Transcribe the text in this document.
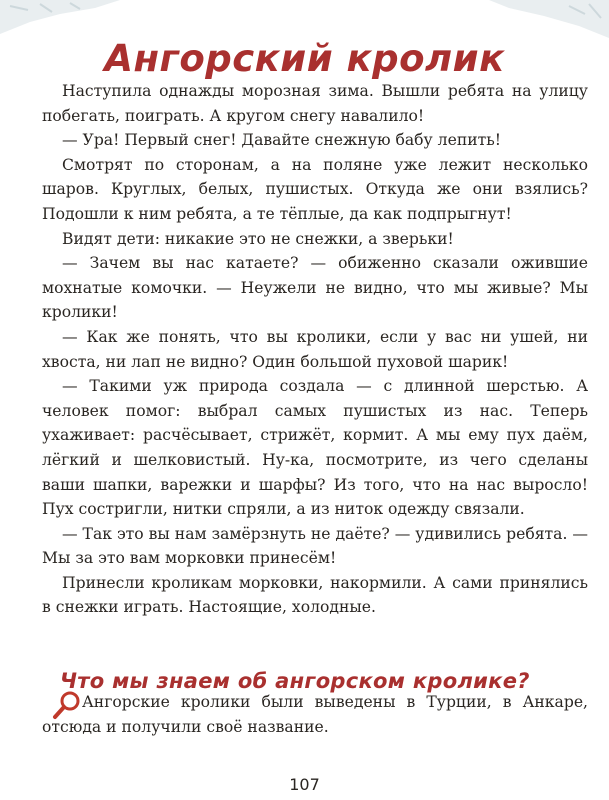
Ангорский кролик

Наступила однажды морозная зима. Вышли ребята на улицу побегать, поиграть. А кругом снегу навалило!

— Ура! Первый снег! Давайте снежную бабу лепить!

Смотрят по сторонам, а на поляне уже лежит несколько шаров. Круглых, белых, пушистых. Откуда же они взялись? Подошли к ним ребята, а те тёплые, да как подпрыгнут!

Видят дети: никакие это не снежки, а зверьки!

— Зачем вы нас катаете? — обиженно сказали ожившие мохнатые комочки. — Неужели не видно, что мы живые? Мы кролики!

— Как же понять, что вы кролики, если у вас ни ушей, ни хвоста, ни лап не видно? Один большой пуховой шарик!

— Такими уж природа создала — с длинной шерстью. А человек помог: выбрал самых пушистых из нас. Теперь ухаживает: расчёсывает, стрижёт, кормит. А мы ему пух даём, лёгкий и шелковистый. Ну-ка, посмотрите, из чего сделаны ваши шапки, варежки и шарфы? Из того, что на нас выросло! Пух состригли, нитки спряли, а из ниток одежду связали.

— Так это вы нам замёрзнуть не даёте? — удивились ребята. — Мы за это вам морковки принесём!

Принесли кроликам морковки, накормили. А сами принялись в снежки играть. Настоящие, холодные.

Что мы знаем об ангорском кролике?

Ангорские кролики были выведены в Турции, в Анкаре, отсюда и получили своё название.

107
